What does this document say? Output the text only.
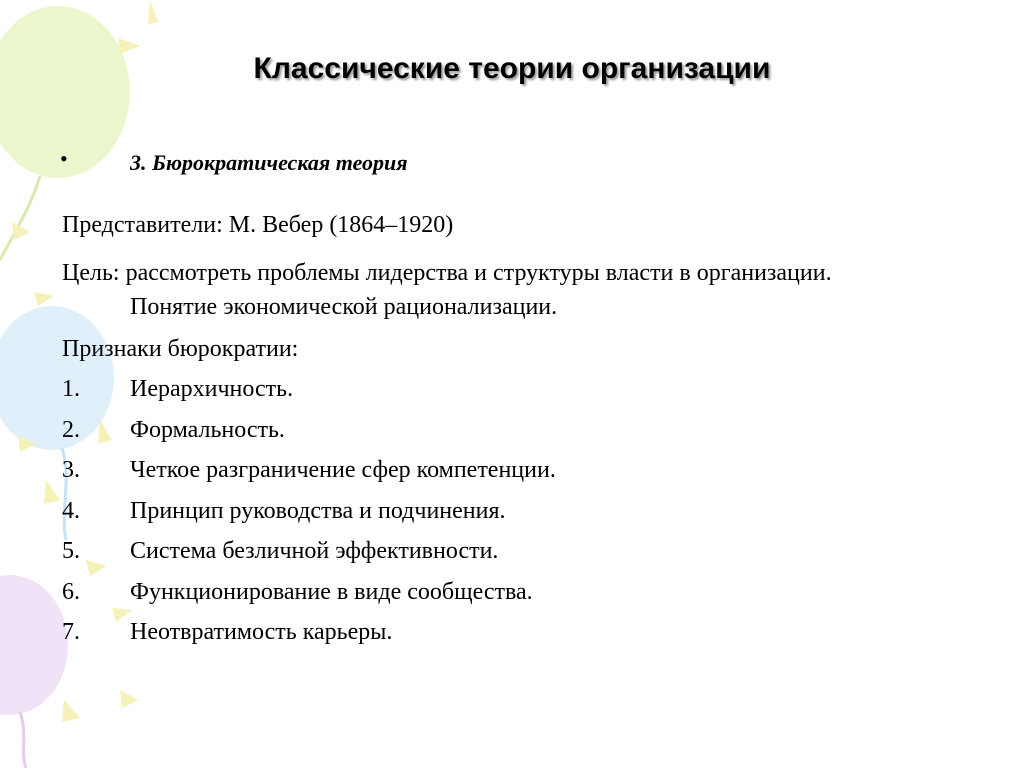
Классические теории организации
•	3. Бюрократическая теория
Представители: М. Вебер (1864–1920)
Цель: рассмотреть проблемы лидерства и структуры власти в организации. Понятие экономической рационализации.
Признаки бюрократии:
1. Иерархичность.
2. Формальность.
3. Четкое разграничение сфер компетенции.
4. Принцип руководства и подчинения.
5. Система безличной эффективности.
6. Функционирование в виде сообщества.
7. Неотвратимость карьеры.
